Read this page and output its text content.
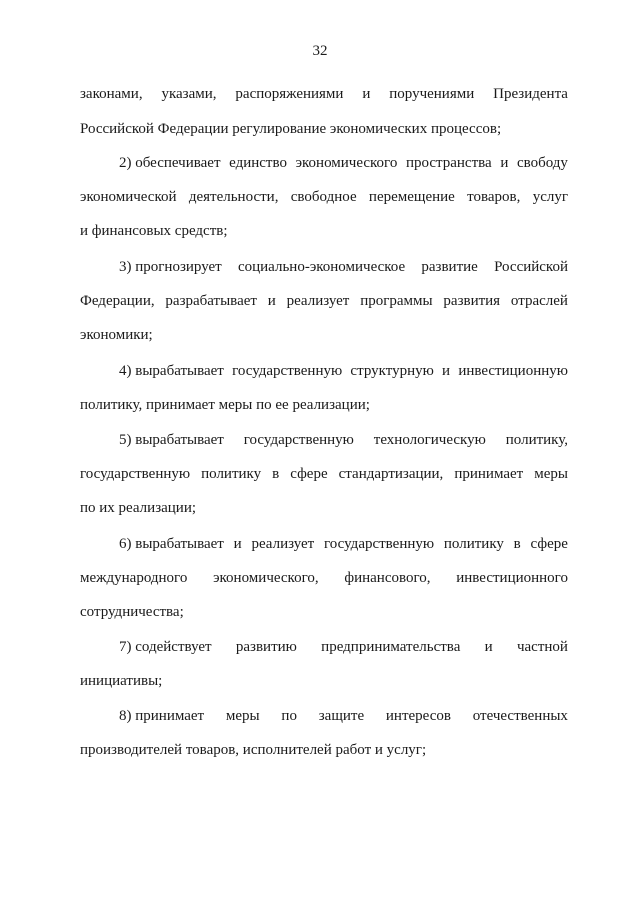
32
законами, указами, распоряжениями и поручениями Президента
Российской Федерации регулирование экономических процессов;
2) обеспечивает единство экономического пространства и свободу
экономической деятельности, свободное перемещение товаров, услуг
и финансовых средств;
3) прогнозирует социально-экономическое развитие Российской
Федерации, разрабатывает и реализует программы развития отраслей
экономики;
4) вырабатывает государственную структурную и инвестиционную
политику, принимает меры по ее реализации;
5) вырабатывает государственную технологическую политику,
государственную политику в сфере стандартизации, принимает меры
по их реализации;
6) вырабатывает и реализует государственную политику в сфере
международного экономического, финансового, инвестиционного
сотрудничества;
7) содействует развитию предпринимательства и частной
инициативы;
8) принимает меры по защите интересов отечественных
производителей товаров, исполнителей работ и услуг;
